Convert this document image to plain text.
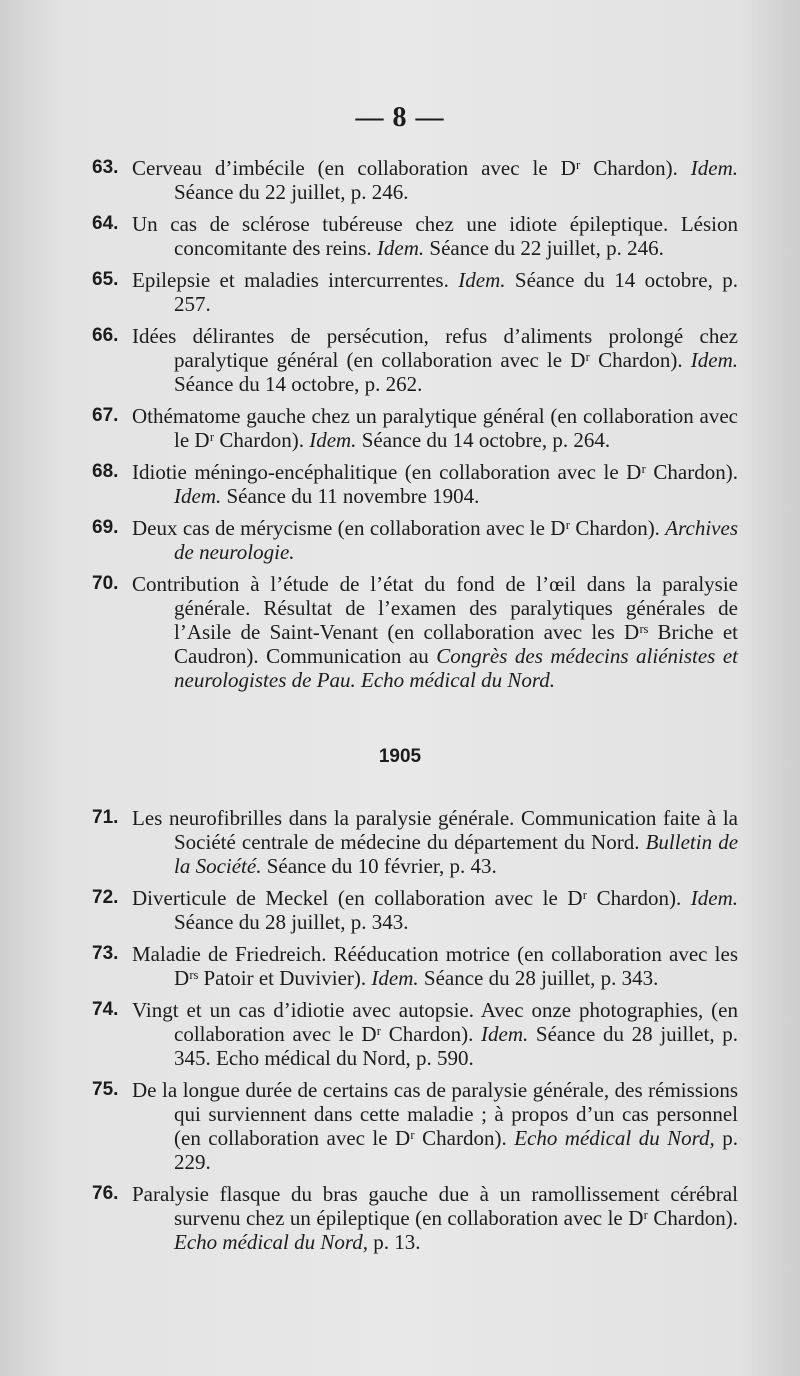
— 8 —
63. Cerveau d’imbécile (en collaboration avec le Dʳ Chardon). Idem. Séance du 22 juillet, p. 246.
64. Un cas de sclérose tubéreuse chez une idiote épileptique. Lésion concomitante des reins. Idem. Séance du 22 juillet, p. 246.
65. Epilepsie et maladies intercurrentes. Idem. Séance du 14 octobre, p. 257.
66. Idées délirantes de persécution, refus d’aliments prolongé chez paralytique général (en collaboration avec le Dʳ Chardon). Idem. Séance du 14 octobre, p. 262.
67. Othématome gauche chez un paralytique général (en collaboration avec le Dʳ Chardon). Idem. Séance du 14 octobre, p. 264.
68. Idiotie méningo-encéphalitique (en collaboration avec le Dʳ Chardon). Idem. Séance du 11 novembre 1904.
69. Deux cas de mérycisme (en collaboration avec le Dʳ Chardon). Archives de neurologie.
70. Contribution à l’étude de l’état du fond de l’œil dans la paralysie générale. Résultat de l’examen des paralytiques générales de l’Asile de Saint-Venant (en collaboration avec les Dʳˢ Briche et Caudron). Communication au Congrès des médecins aliénistes et neurologistes de Pau. Echo médical du Nord.
1905
71. Les neurofibrilles dans la paralysie générale. Communication faite à la Société centrale de médecine du département du Nord. Bulletin de la Société. Séance du 10 février, p. 43.
72. Diverticule de Meckel (en collaboration avec le Dʳ Chardon). Idem. Séance du 28 juillet, p. 343.
73. Maladie de Friedreich. Rééducation motrice (en collaboration avec les Dʳˢ Patoir et Duvivier). Idem. Séance du 28 juillet, p. 343.
74. Vingt et un cas d’idiotie avec autopsie. Avec onze photographies, (en collaboration avec le Dʳ Chardon). Idem. Séance du 28 juillet, p. 345. Echo médical du Nord, p. 590.
75. De la longue durée de certains cas de paralysie générale, des rémissions qui surviennent dans cette maladie ; à propos d’un cas personnel (en collaboration avec le Dʳ Chardon). Echo médical du Nord, p. 229.
76. Paralysie flasque du bras gauche due à un ramollissement cérébral survenu chez un épileptique (en collaboration avec le Dʳ Chardon). Echo médical du Nord, p. 13.
